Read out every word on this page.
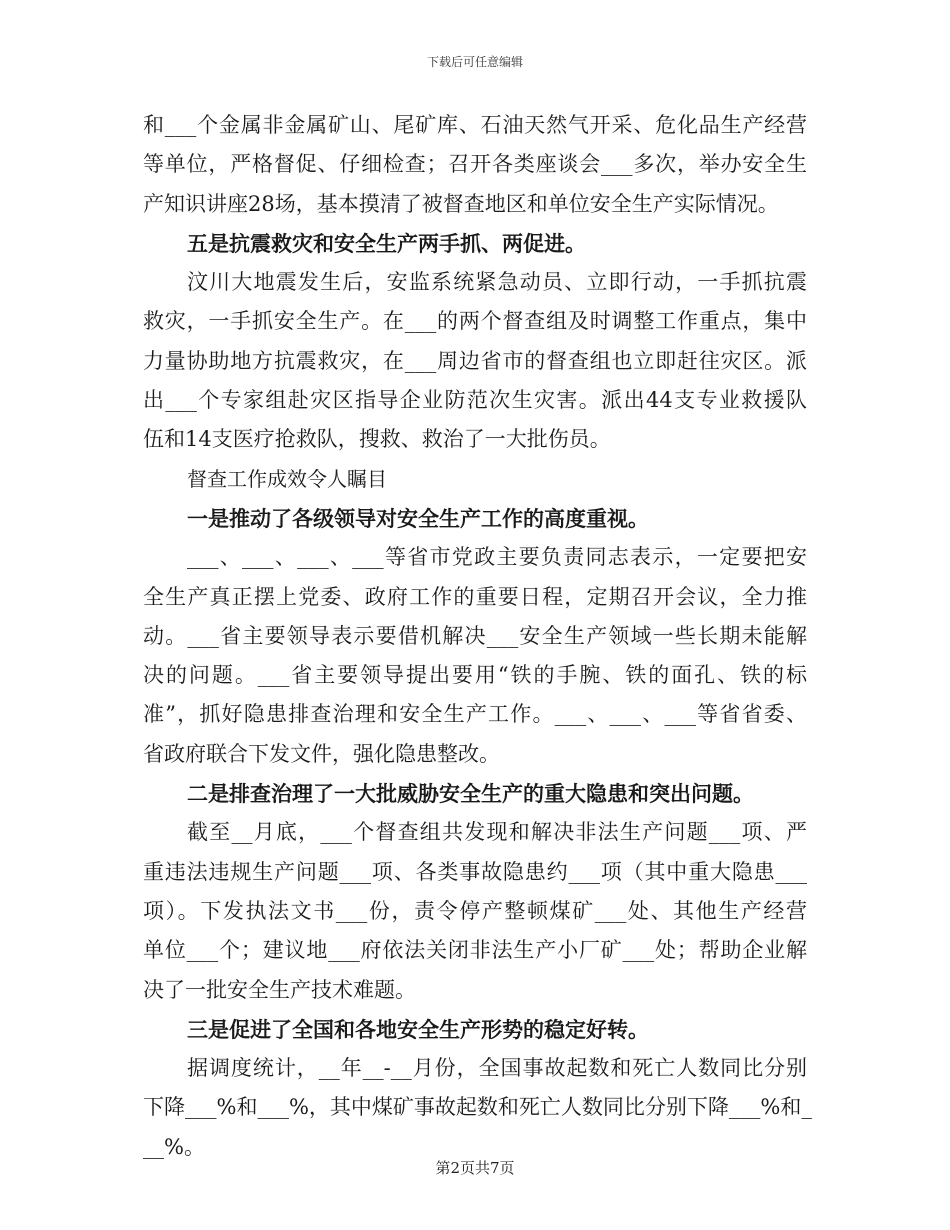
下载后可任意编辑
和___个金属非金属矿山、尾矿库、石油天然气开采、危化品生产经营
等单位，严格督促、仔细检查；召开各类座谈会___多次，举办安全生
产知识讲座28场，基本摸清了被督查地区和单位安全生产实际情况。
五是抗震救灾和安全生产两手抓、两促进。
汶川大地震发生后，安监系统紧急动员、立即行动，一手抓抗震
救灾，一手抓安全生产。在___的两个督查组及时调整工作重点，集中
力量协助地方抗震救灾，在___周边省市的督查组也立即赶往灾区。派
出___个专家组赴灾区指导企业防范次生灾害。派出44支专业救援队
伍和14支医疗抢救队，搜救、救治了一大批伤员。
督查工作成效令人瞩目
一是推动了各级领导对安全生产工作的高度重视。
___、___、___、___等省市党政主要负责同志表示，一定要把安
全生产真正摆上党委、政府工作的重要日程，定期召开会议，全力推
动。___省主要领导表示要借机解决___安全生产领域一些长期未能解
决的问题。___省主要领导提出要用“铁的手腕、铁的面孔、铁的标
准”，抓好隐患排查治理和安全生产工作。___、___、___等省省委、
省政府联合下发文件，强化隐患整改。
二是排查治理了一大批威胁安全生产的重大隐患和突出问题。
截至__月底，___个督查组共发现和解决非法生产问题___项、严
重违法违规生产问题___项、各类事故隐患约___项（其中重大隐患___
项）。下发执法文书___份，责令停产整顿煤矿___处、其他生产经营
单位___个；建议地___府依法关闭非法生产小厂矿___处；帮助企业解
决了一批安全生产技术难题。
三是促进了全国和各地安全生产形势的稳定好转。
据调度统计，__年__-__月份，全国事故起数和死亡人数同比分别
下降___%和___%，其中煤矿事故起数和死亡人数同比分别下降___%和_
__%。
第2页共7页
